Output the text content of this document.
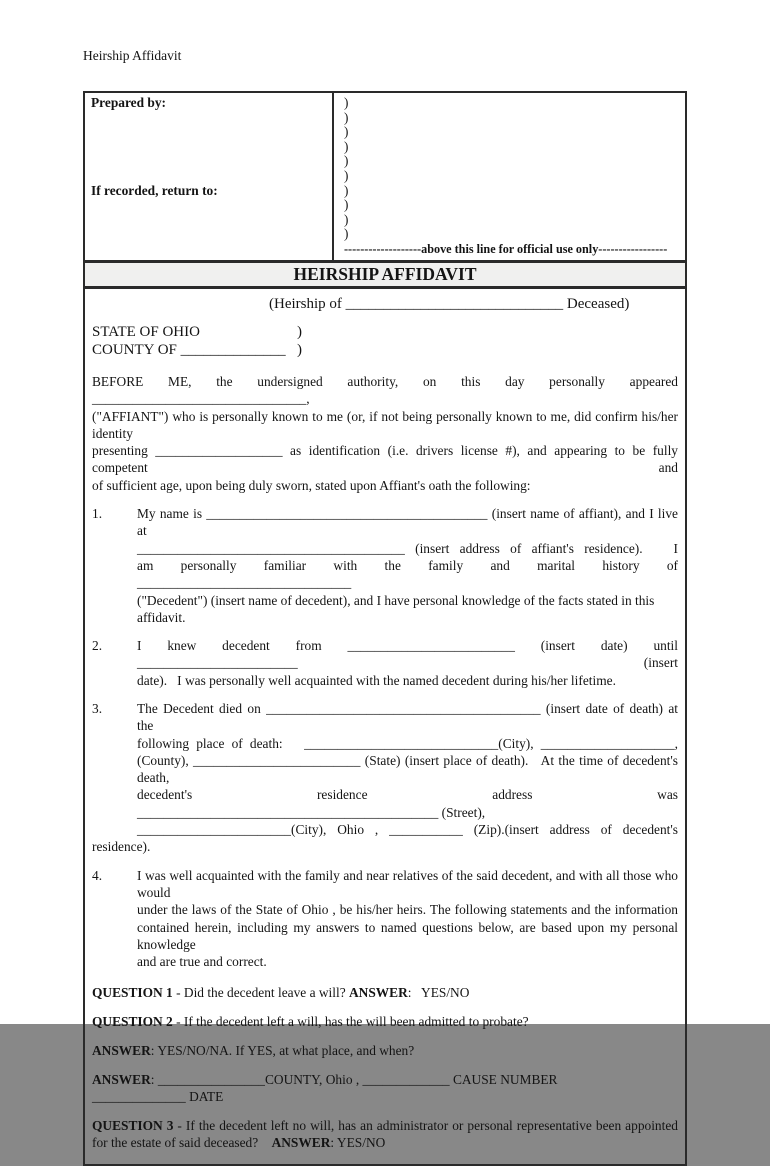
Heirship Affidavit
Prepared by:

If recorded, return to:

)
)
)
)
)
)
)
)
)
)
-------------------above this line for official use only-----------------
HEIRSHIP AFFIDAVIT
(Heirship of _____________________________ Deceased)
STATE OF OHIO	)
COUNTY OF ______________ )
BEFORE ME, the undersigned authority, on this day personally appeared ________________________________,
("AFFIANT") who is personally known to me (or, if not being personally known to me, did confirm his/her identity
presenting ___________________ as identification (i.e. drivers license #), and appearing to be fully competent and
of sufficient age, upon being duly sworn, stated upon Affiant's oath the following:
1.	My name is __________________________________________ (insert name of affiant), and I live at
________________________________________ (insert address of affiant's residence).   I
am personally familiar with the family and marital history of ________________________________
("Decedent") (insert name of decedent), and I have personal knowledge of the facts stated in this affidavit.
2.	I knew decedent from _________________________ (insert date) until ________________________ (insert
date).   I was personally well acquainted with the named decedent during his/her lifetime.
3.	The Decedent died on _________________________________________ (insert date of death) at the
following place of death:   _____________________________(City), ____________________,
(County), _________________________ (State) (insert place of death).   At the time of decedent's death,
decedent's residence address was
_____________________________________________ (Street),
_______________________(City), Ohio , ___________ (Zip).(insert address of decedent's residence).
4.	I was well acquainted with the family and near relatives of the said decedent, and with all those who would
under the laws of the State of Ohio , be his/her heirs. The following statements and the information
contained herein, including my answers to named questions below, are based upon my personal knowledge
and are true and correct.
QUESTION 1 - Did the decedent leave a will? ANSWER:   YES/NO
QUESTION 2 - If the decedent left a will, has the will been admitted to probate?
ANSWER: YES/NO/NA. If YES, at what place, and when?
ANSWER: ________________COUNTY, Ohio , _____________ CAUSE NUMBER
______________ DATE
QUESTION 3 - If the decedent left no will, has an administrator or personal representative been appointed for the estate of said deceased?    ANSWER: YES/NO
